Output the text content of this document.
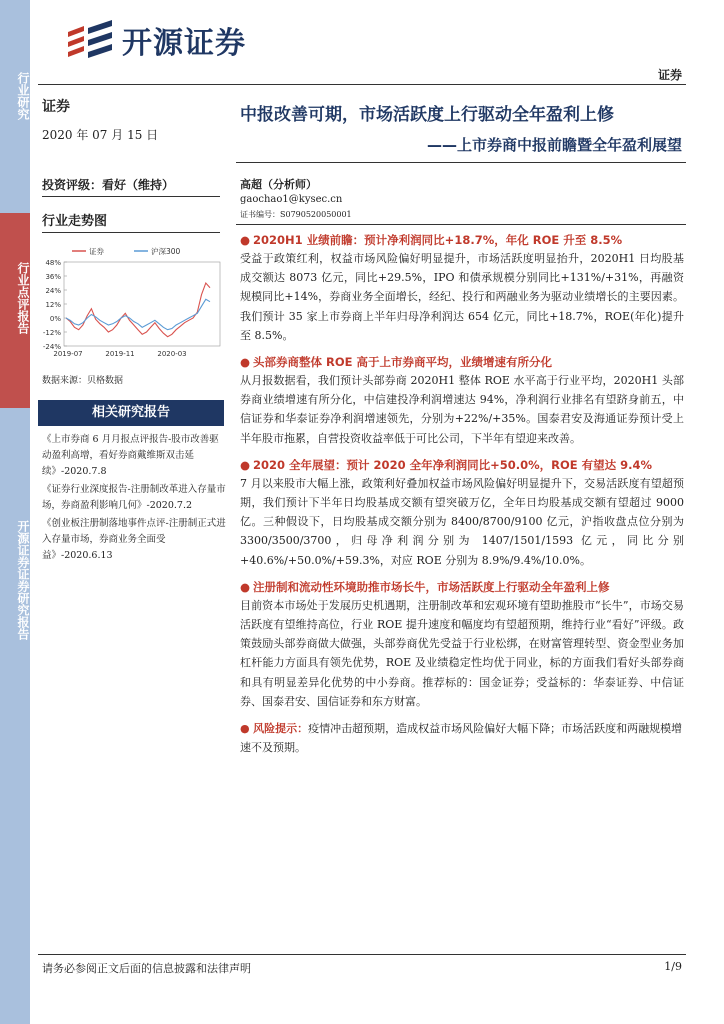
行业研究
行业点评报告
开源证券证券研究报告
开源证券
证券
证券
2020 年 07 月 15 日
投资评级：看好（维持）
行业走势图
48%
36%
24%
12%
0%
-12%
-24%
2019-07	2019-11	2020-03
证券	沪深300
数据来源：贝格数据
相关研究报告
《上市券商 6 月月报点评报告-股市改善驱动盈利高增，看好券商戴维斯双击延续》-2020.7.8
《证券行业深度报告-注册制改革进入存量市场，券商盈利影响几何》-2020.7.2
《创业板注册制落地事件点评-注册制正式进入存量市场，券商业务全面受益》-2020.6.13
中报改善可期，市场活跃度上行驱动全年盈利上修
——上市券商中报前瞻暨全年盈利展望
高超（分析师）
gaochao1@kysec.cn
证书编号：S0790520050001
● 2020H1 业绩前瞻：预计净利润同比+18.7%，年化 ROE 升至 8.5%
受益于政策红利，权益市场风险偏好明显提升，市场活跃度明显抬升，2020H1 日均股基成交额达 8073 亿元，同比+29.5%，IPO 和债承规模分别同比+131%/+31%，再融资规模同比+14%，券商业务全面增长，经纪、投行和两融业务为驱动业绩增长的主要因素。我们预计 35 家上市券商上半年归母净利润达 654 亿元，同比+18.7%，ROE(年化)提升至 8.5%。
● 头部券商整体 ROE 高于上市券商平均，业绩增速有所分化
从月报数据看，我们预计头部券商 2020H1 整体 ROE 水平高于行业平均，2020H1 头部券商业绩增速有所分化，中信建投净利润增速达 94%，净利润行业排名有望跻身前五，中信证券和华泰证券净利润增速领先，分别为+22%/+35%。国泰君安及海通证券预计受上半年股市拖累，自营投资收益率低于可比公司，下半年有望迎来改善。
● 2020 全年展望：预计 2020 全年净利润同比+50.0%，ROE 有望达 9.4%
7 月以来股市大幅上涨，政策利好叠加权益市场风险偏好明显提升下，交易活跃度有望超预期，我们预计下半年日均股基成交额有望突破万亿，全年日均股基成交额有望超过 9000 亿。三种假设下，日均股基成交额分别为 8400/8700/9100 亿元，沪指收盘点位分别为 3300/3500/3700，归母净利润分别为 1407/1501/1593 亿元，同比分别+40.6%/+50.0%/+59.3%，对应 ROE 分别为 8.9%/9.4%/10.0%。
● 注册制和流动性环境助推市场长牛，市场活跃度上行驱动全年盈利上修
目前资本市场处于发展历史机遇期，注册制改革和宏观环境有望助推股市“长牛”，市场交易活跃度有望维持高位，行业 ROE 提升速度和幅度均有望超预期，维持行业“看好”评级。政策鼓励头部券商做大做强，头部券商优先受益于行业松绑，在财富管理转型、资金型业务加杠杆能力方面具有领先优势，ROE 及业绩稳定性均优于同业，标的方面我们看好头部券商和具有明显差异化优势的中小券商。推荐标的：国金证券；受益标的：华泰证券、中信证券、国泰君安、国信证券和东方财富。
● 风险提示：疫情冲击超预期，造成权益市场风险偏好大幅下降；市场活跃度和两融规模增速不及预期。
请务必参阅正文后面的信息披露和法律声明	1/9
